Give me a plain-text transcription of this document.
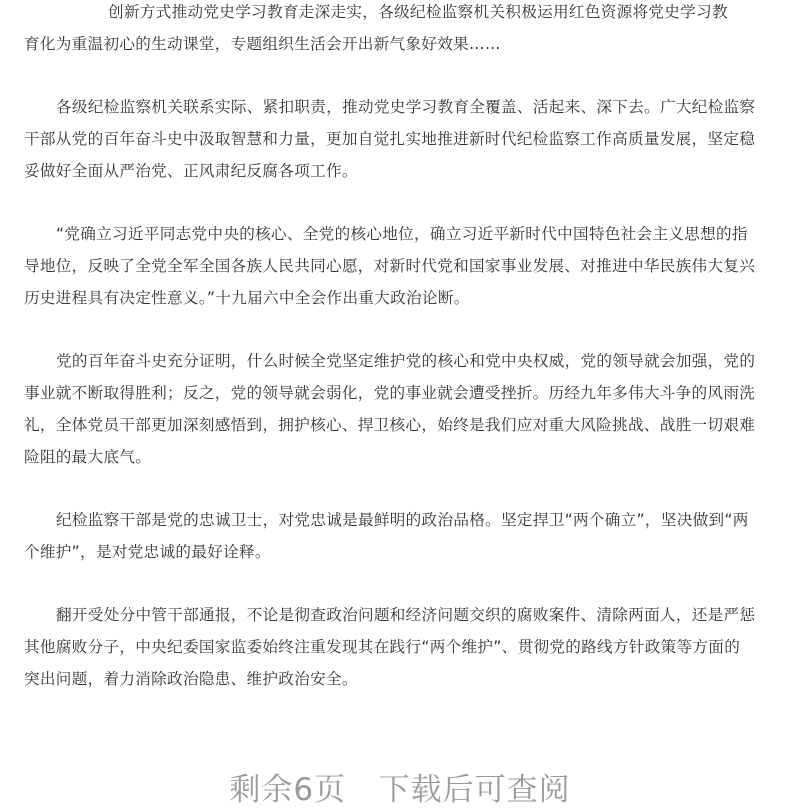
创新方式推动党史学习教育走深走实，各级纪检监察机关积极运用红色资源将党史学习教
育化为重温初心的生动课堂，专题组织生活会开出新气象好效果……
各级纪检监察机关联系实际、紧扣职责，推动党史学习教育全覆盖、活起来、深下去。广大纪检监察
干部从党的百年奋斗史中汲取智慧和力量，更加自觉扎实地推进新时代纪检监察工作高质量发展，坚定稳
妥做好全面从严治党、正风肃纪反腐各项工作。
“党确立习近平同志党中央的核心、全党的核心地位，确立习近平新时代中国特色社会主义思想的指
导地位，反映了全党全军全国各族人民共同心愿，对新时代党和国家事业发展、对推进中华民族伟大复兴
历史进程具有决定性意义。”十九届六中全会作出重大政治论断。
党的百年奋斗史充分证明，什么时候全党坚定维护党的核心和党中央权威，党的领导就会加强，党的
事业就不断取得胜利；反之，党的领导就会弱化，党的事业就会遭受挫折。历经九年多伟大斗争的风雨洗
礼，全体党员干部更加深刻感悟到，拥护核心、捍卫核心，始终是我们应对重大风险挑战、战胜一切艰难
险阻的最大底气。
纪检监察干部是党的忠诚卫士，对党忠诚是最鲜明的政治品格。坚定捍卫“两个确立”，坚决做到“两
个维护”，是对党忠诚的最好诠释。
翻开受处分中管干部通报，不论是彻查政治问题和经济问题交织的腐败案件、清除两面人，还是严惩
其他腐败分子，中央纪委国家监委始终注重发现其在践行“两个维护”、贯彻党的路线方针政策等方面的
突出问题，着力消除政治隐患、维护政治安全。
剩余6页   下载后可查阅
